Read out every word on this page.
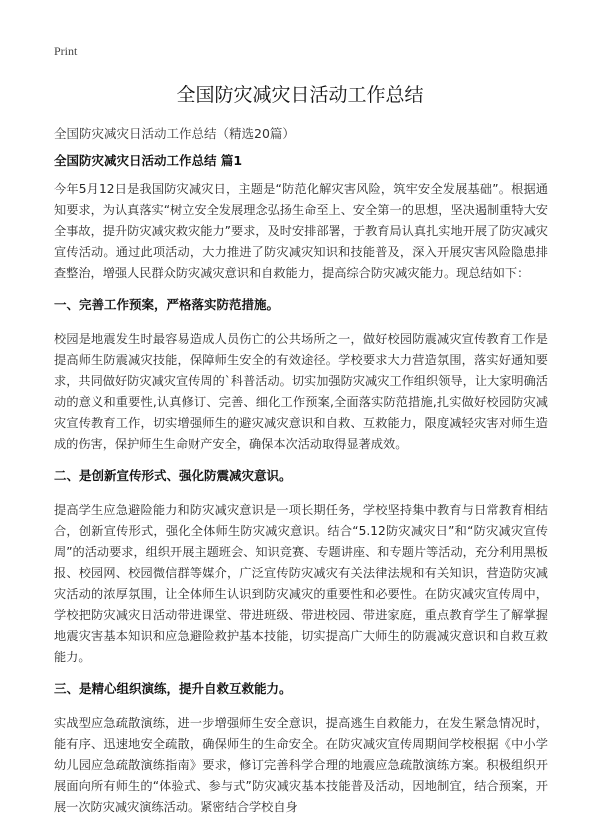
Print
全国防灾减灾日活动工作总结
全国防灾减灾日活动工作总结（精选20篇）
全国防灾减灾日活动工作总结 篇1

今年5月12日是我国防灾减灾日，主题是“防范化解灾害风险，筑牢安全发展基础”。根据通知要求，为认真落实“树立安全发展理念弘扬生命至上、安全第一的思想，坚决遏制重特大安全事故，提升防灾减灾救灾能力”要求，及时安排部署，于教育局认真扎实地开展了防灾减灾宣传活动。通过此项活动，大力推进了防灾减灾知识和技能普及，深入开展灾害风险隐患排查整治，增强人民群众防灾减灾意识和自救能力，提高综合防灾减灾能力。现总结如下：

一、完善工作预案，严格落实防范措施。

校园是地震发生时最容易造成人员伤亡的公共场所之一，做好校园防震减灾宣传教育工作是提高师生防震减灾技能，保障师生安全的有效途径。学校要求大力营造氛围，落实好通知要求，共同做好防灾减灾宣传周的`科普活动。切实加强防灾减灾工作组织领导，让大家明确活动的意义和重要性,认真修订、完善、细化工作预案,全面落实防范措施,扎实做好校园防灾减灾宣传教育工作，切实增强师生的避灾减灾意识和自救、互救能力，限度减轻灾害对师生造成的伤害，保护师生生命财产安全，确保本次活动取得显著成效。

二、是创新宣传形式、强化防震减灾意识。

提高学生应急避险能力和防灾减灾意识是一项长期任务，学校坚持集中教育与日常教育相结合，创新宣传形式，强化全体师生防灾减灾意识。结合“5.12防灾减灾日”和“防灾减灾宣传周”的活动要求，组织开展主题班会、知识竞赛、专题讲座、和专题片等活动，充分利用黑板报、校园网、校园微信群等媒介，广泛宣传防灾减灾有关法律法规和有关知识，营造防灾减灾活动的浓厚氛围，让全体师生认识到防灾减灾的重要性和必要性。在防灾减灾宣传周中，学校把防灾减灾日活动带进课堂、带进班级、带进校园、带进家庭，重点教育学生了解掌握地震灾害基本知识和应急避险救护基本技能，切实提高广大师生的防震减灾意识和自救互救能力。

三、是精心组织演练，提升自救互救能力。

实战型应急疏散演练，进一步增强师生安全意识，提高逃生自救能力，在发生紧急情况时，能有序、迅速地安全疏散，确保师生的生命安全。在防灾减灾宣传周期间学校根据《中小学幼儿园应急疏散演练指南》要求，修订完善科学合理的地震应急疏散演练方案。积极组织开展面向所有师生的“体验式、参与式”防灾减灾基本技能普及活动，因地制宜，结合预案，开展一次防灾减灾演练活动。紧密结合学校自身
